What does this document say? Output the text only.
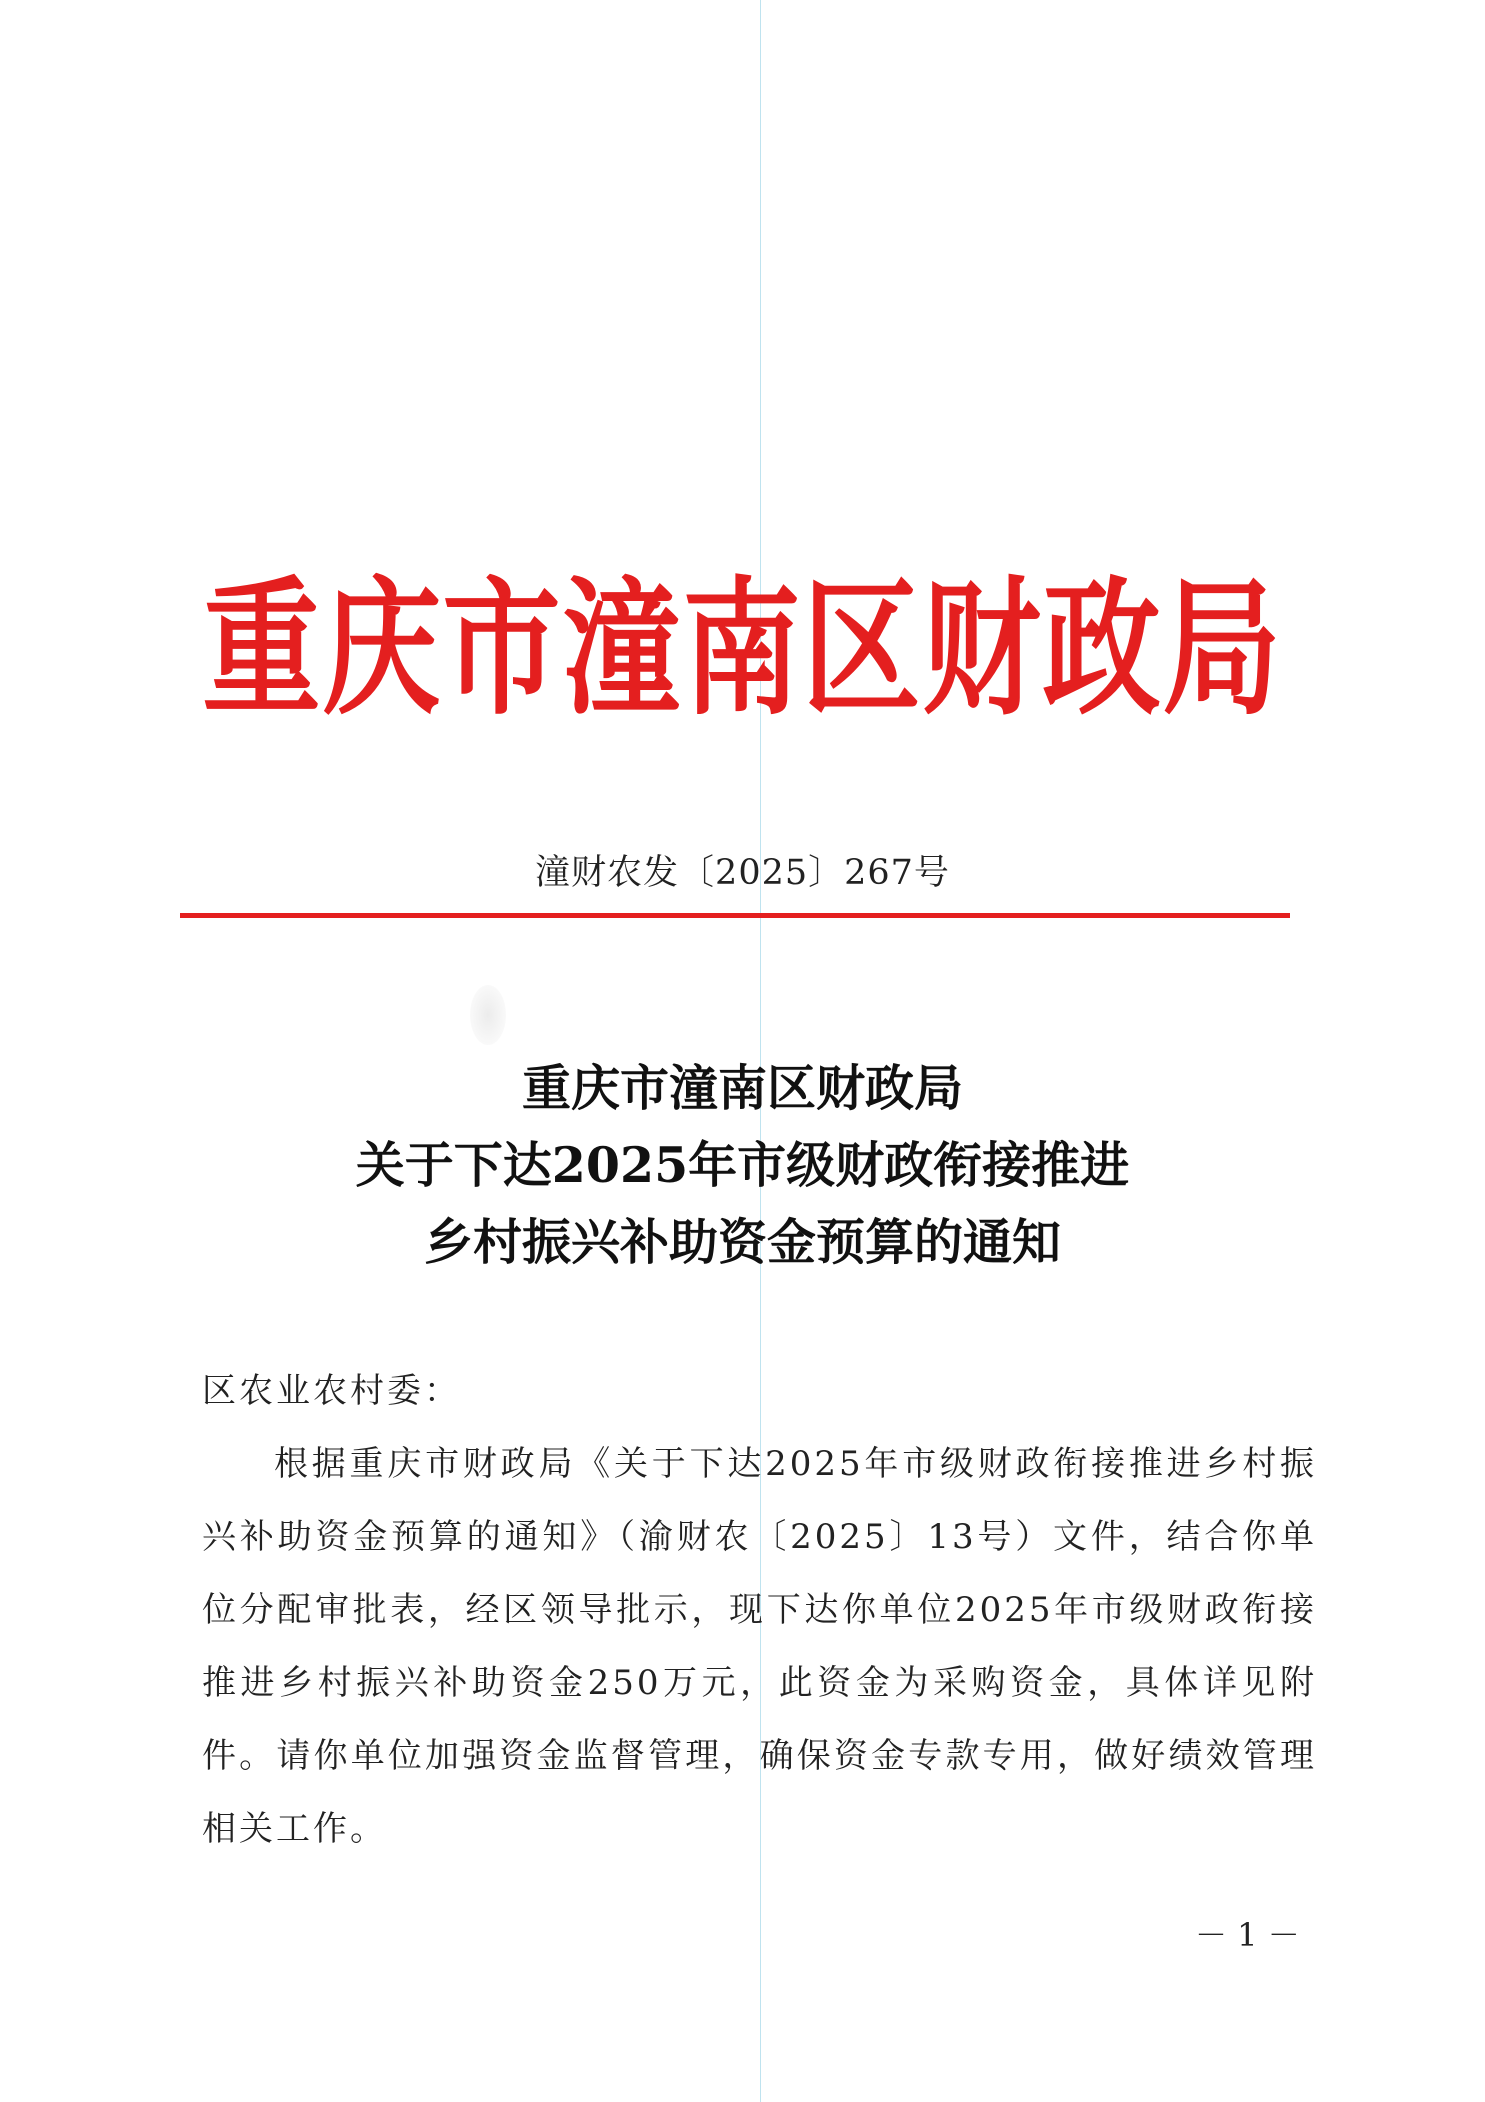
重庆市潼南区财政局
潼财农发〔2025〕267号
重庆市潼南区财政局
关于下达2025年市级财政衔接推进
乡村振兴补助资金预算的通知

区农业农村委：

根据重庆市财政局《关于下达2025年市级财政衔接推进乡村振兴补助资金预算的通知》（渝财农〔2025〕13号）文件，结合你单位分配审批表，经区领导批示，现下达你单位2025年市级财政衔接推进乡村振兴补助资金250万元，此资金为采购资金，具体详见附件。请你单位加强资金监督管理，确保资金专款专用，做好绩效管理相关工作。

－ 1 －
